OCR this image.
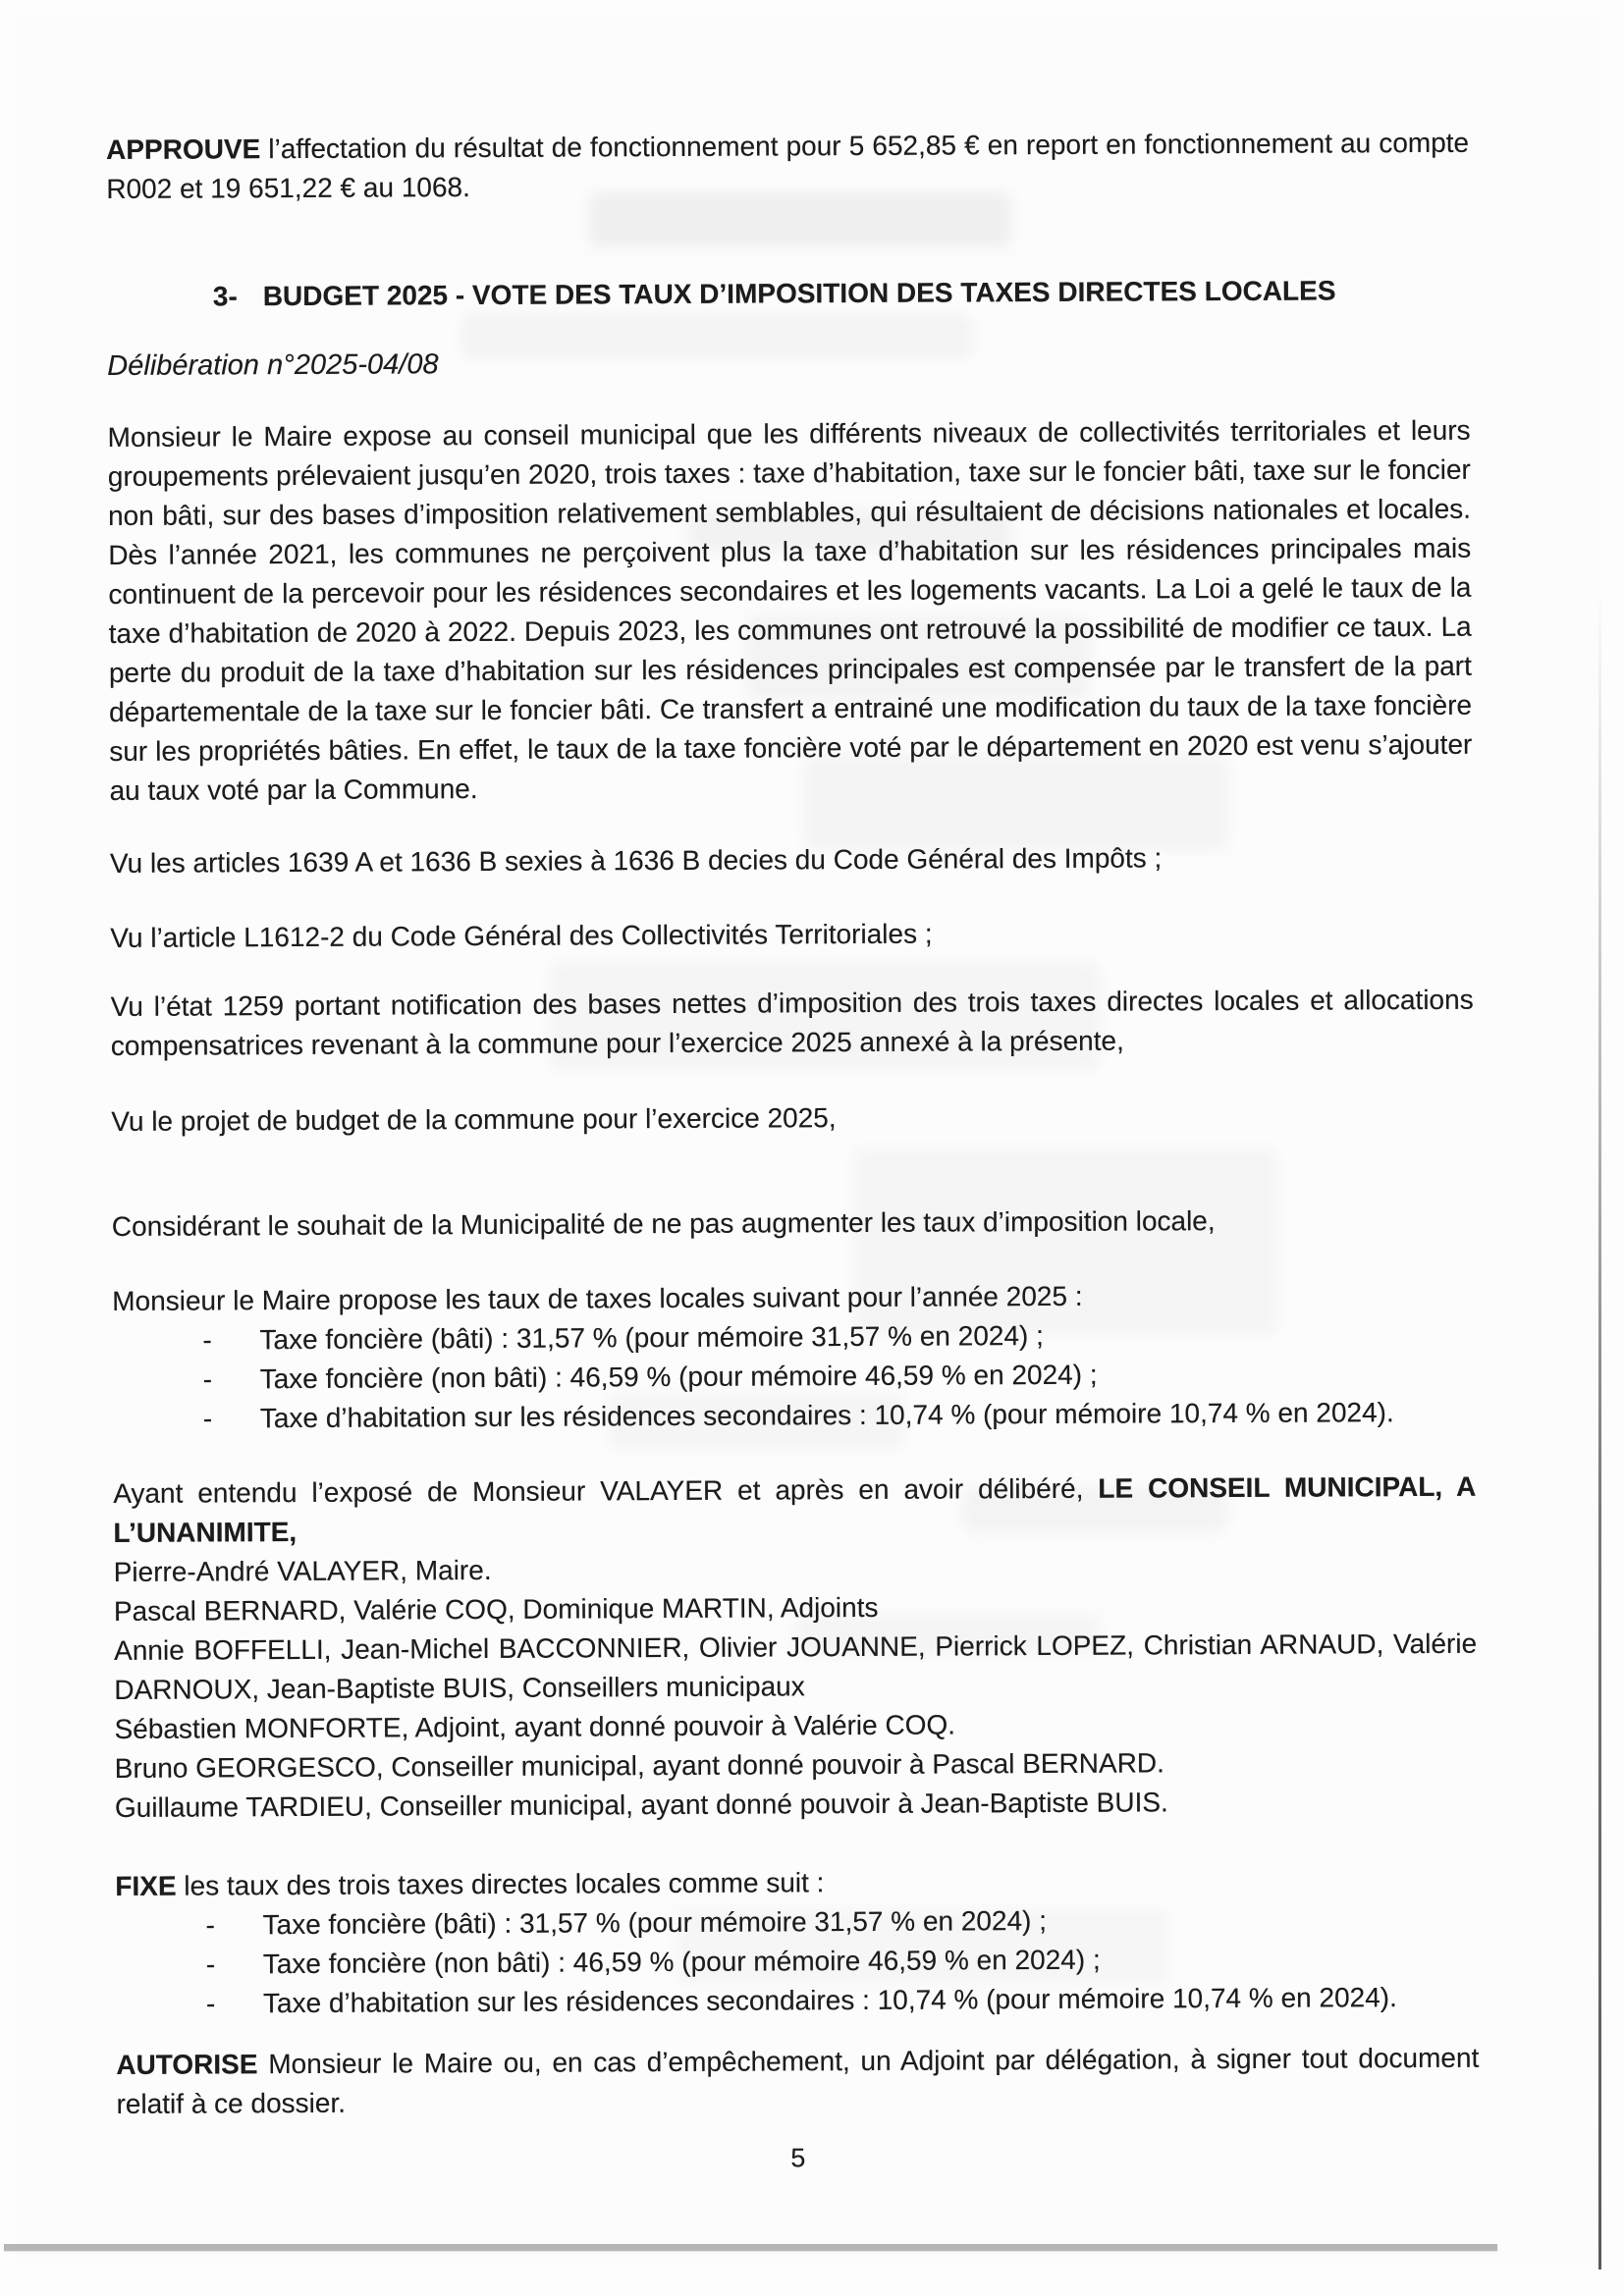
APPROUVE l’affectation du résultat de fonctionnement pour 5 652,85 € en report en fonctionnement au compte R002 et 19 651,22 € au 1068.

3- BUDGET 2025 - VOTE DES TAUX D’IMPOSITION DES TAXES DIRECTES LOCALES

Délibération n°2025-04/08

Monsieur le Maire expose au conseil municipal que les différents niveaux de collectivités territoriales et leurs groupements prélevaient jusqu’en 2020, trois taxes : taxe d’habitation, taxe sur le foncier bâti, taxe sur le foncier non bâti, sur des bases d’imposition relativement semblables, qui résultaient de décisions nationales et locales. Dès l’année 2021, les communes ne perçoivent plus la taxe d’habitation sur les résidences principales mais continuent de la percevoir pour les résidences secondaires et les logements vacants. La Loi a gelé le taux de la taxe d’habitation de 2020 à 2022. Depuis 2023, les communes ont retrouvé la possibilité de modifier ce taux. La perte du produit de la taxe d’habitation sur les résidences principales est compensée par le transfert de la part départementale de la taxe sur le foncier bâti. Ce transfert a entrainé une modification du taux de la taxe foncière sur les propriétés bâties. En effet, le taux de la taxe foncière voté par le département en 2020 est venu s’ajouter au taux voté par la Commune.

Vu les articles 1639 A et 1636 B sexies à 1636 B decies du Code Général des Impôts ;

Vu l’article L1612-2 du Code Général des Collectivités Territoriales ;

Vu l’état 1259 portant notification des bases nettes d’imposition des trois taxes directes locales et allocations compensatrices revenant à la commune pour l’exercice 2025 annexé à la présente,

Vu le projet de budget de la commune pour l’exercice 2025,

Considérant le souhait de la Municipalité de ne pas augmenter les taux d’imposition locale,

Monsieur le Maire propose les taux de taxes locales suivant pour l’année 2025 :

-	Taxe foncière (bâti) : 31,57 % (pour mémoire 31,57 % en 2024) ;
-	Taxe foncière (non bâti) : 46,59 % (pour mémoire 46,59 % en 2024) ;
-	Taxe d’habitation sur les résidences secondaires : 10,74 % (pour mémoire 10,74 % en 2024).

Ayant entendu l’exposé de Monsieur VALAYER et après en avoir délibéré, LE CONSEIL MUNICIPAL, A L’UNANIMITE,

Pierre-André VALAYER, Maire.

Pascal BERNARD, Valérie COQ, Dominique MARTIN, Adjoints

Annie BOFFELLI, Jean-Michel BACCONNIER, Olivier JOUANNE, Pierrick LOPEZ, Christian ARNAUD, Valérie DARNOUX, Jean-Baptiste BUIS, Conseillers municipaux

Sébastien MONFORTE, Adjoint, ayant donné pouvoir à Valérie COQ.

Bruno GEORGESCO, Conseiller municipal, ayant donné pouvoir à Pascal BERNARD.

Guillaume TARDIEU, Conseiller municipal, ayant donné pouvoir à Jean-Baptiste BUIS.

FIXE les taux des trois taxes directes locales comme suit :

-	Taxe foncière (bâti) : 31,57 % (pour mémoire 31,57 % en 2024) ;
-	Taxe foncière (non bâti) : 46,59 % (pour mémoire 46,59 % en 2024) ;
-	Taxe d’habitation sur les résidences secondaires : 10,74 % (pour mémoire 10,74 % en 2024).

AUTORISE Monsieur le Maire ou, en cas d’empêchement, un Adjoint par délégation, à signer tout document relatif à ce dossier.

5
